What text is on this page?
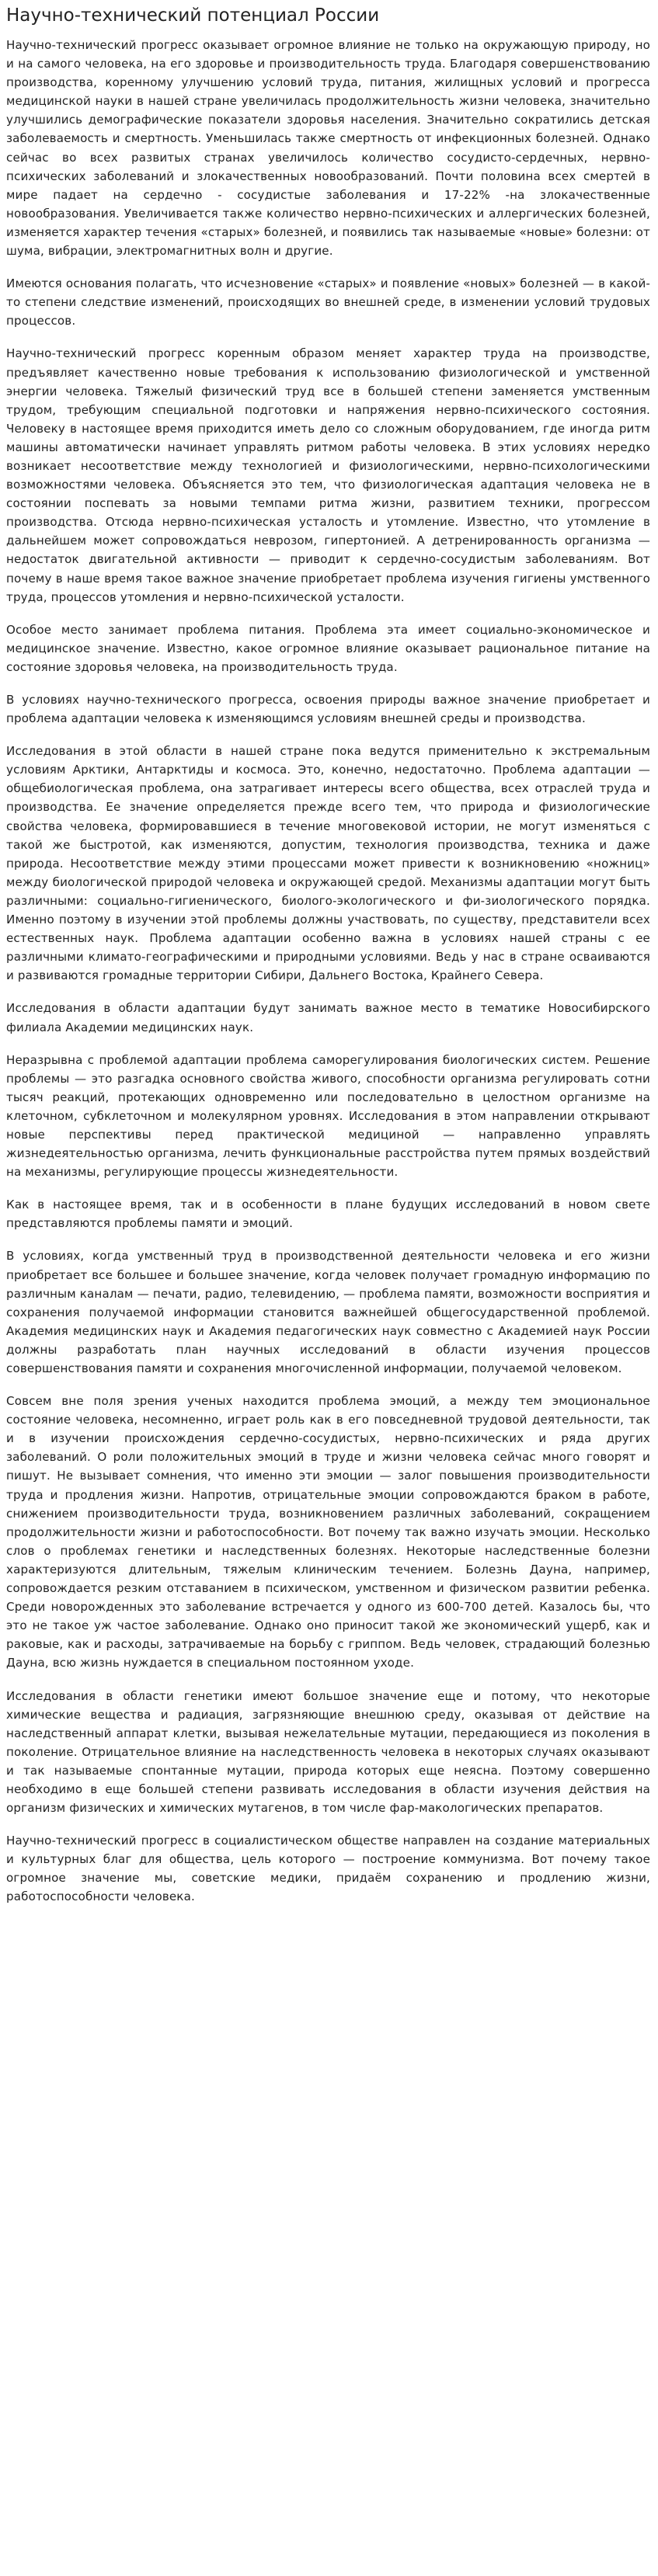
Научно-технический потенциал России

Научно-технический прогресс оказывает огромное влияние не только на окружающую природу, но и на самого человека, на его здоровье и производительность труда. Благодаря совершенствованию производства, коренному улучшению условий труда, питания, жилищных условий и прогресса медицинской науки в нашей стране увеличилась продолжительность жизни человека, значительно улучшились демографические показатели здоровья населения. Значительно сократились детская заболеваемость и смертность. Уменьшилась также смертность от инфекционных болезней. Однако сейчас во всех развитых странах увеличилось количество сосудисто-сердечных, нервно-психических заболеваний и злокачественных новообразований. Почти половина всех смертей в мире падает на сердечно - сосудистые заболевания и 17-22% -на злокачественные новообразования. Увеличивается также количество нервно-психических и аллергических болезней, изменяется характер течения «старых» болезней, и появились так называемые «новые» болезни: от шума, вибрации, электромагнитных волн и другие.

Имеются основания полагать, что исчезновение «старых» и появление «новых» болезней — в какой-то степени следствие изменений, происходящих во внешней среде, в изменении условий трудовых процессов.

Научно-технический прогресс коренным образом меняет характер труда на производстве, предъявляет качественно новые требования к использованию физиологической и умственной энергии человека. Тяжелый физический труд все в большей степени заменяется умственным трудом, требующим специальной подготовки и напряжения нервно-психического состояния. Человеку в настоящее время приходится иметь дело со сложным оборудованием, где иногда ритм машины автоматически начинает управлять ритмом работы человека. В этих условиях нередко возникает несоответствие между технологией и физиологическими, нервно-психологическими возможностями человека. Объясняется это тем, что физиологическая адаптация человека не в состоянии поспевать за новыми темпами ритма жизни, развитием техники, прогрессом производства. Отсюда нервно-психическая усталость и утомление. Известно, что утомление в дальнейшем может сопровождаться неврозом, гипертонией. А детренированность организма — недостаток двигательной активности — приводит к сердечно-сосудистым заболеваниям. Вот почему в наше время такое важное значение приобретает проблема изучения гигиены умственного труда, процессов утомления и нервно-психической усталости.

Особое место занимает проблема питания. Проблема эта имеет социально-экономическое и медицинское значение. Известно, какое огромное влияние оказывает рациональное питание на состояние здоровья человека, на производительность труда.

В условиях научно-технического прогресса, освоения природы важное значение приобретает и проблема адаптации человека к изменяющимся условиям внешней среды и производства.

Исследования в этой области в нашей стране пока ведутся применительно к экстремальным условиям Арктики, Антарктиды и космоса. Это, конечно, недостаточно. Проблема адаптации — общебиологическая проблема, она затрагивает интересы всего общества, всех отраслей труда и производства. Ее значение определяется прежде всего тем, что природа и физиологические свойства человека, формировавшиеся в течение многовековой истории, не могут изменяться с такой же быстротой, как изменяются, допустим, технология производства, техника и даже природа. Несоответствие между этими процессами может привести к возникновению «ножниц» между биологической природой человека и окружающей средой. Механизмы адаптации могут быть различными: социально-гигиенического, биолого-экологического и фи-зиологического порядка. Именно поэтому в изучении этой проблемы должны участвовать, по существу, представители всех естественных наук. Проблема адаптации особенно важна в условиях нашей страны с ее различными климато-географическими и природными условиями. Ведь у нас в стране осваиваются и развиваются громадные территории Сибири, Дальнего Востока, Крайнего Севера.

Исследования в области адаптации будут занимать важное место в тематике Новосибирского филиала Академии медицинских наук.

Неразрывна с проблемой адаптации проблема саморегулирования биологических систем. Решение проблемы — это разгадка основного свойства живого, способности организма регулировать сотни тысяч реакций, протекающих одновременно или последовательно в целостном организме на клеточном, субклеточном и молекулярном уровнях. Исследования в этом направлении открывают новые перспективы перед практической медициной — направленно управлять жизнедеятельностью организма, лечить функциональные расстройства путем прямых воздействий на механизмы, регулирующие процессы жизнедеятельности.

Как в настоящее время, так и в особенности в плане будущих исследований в новом свете представляются проблемы памяти и эмоций.

В условиях, когда умственный труд в производственной деятельности человека и его жизни приобретает все большее и большее значение, когда человек получает громадную информацию по различным каналам — печати, радио, телевидению, — проблема памяти, возможности восприятия и сохранения получаемой информации становится важнейшей общегосударственной проблемой. Академия медицинских наук и Академия педагогических наук совместно с Академией наук России должны разработать план научных исследований в области изучения процессов совершенствования памяти и сохранения многочисленной информации, получаемой человеком.

Совсем вне поля зрения ученых находится проблема эмоций, а между тем эмоциональное состояние человека, несомненно, играет роль как в его повседневной трудовой деятельности, так и в изучении происхождения сердечно-сосудистых, нервно-психических и ряда других заболеваний. О роли положительных эмоций в труде и жизни человека сейчас много говорят и пишут. Не вызывает сомнения, что именно эти эмоции — залог повышения производительности труда и продления жизни. Напротив, отрицательные эмоции сопровождаются браком в работе, снижением производительности труда, возникновением различных заболеваний, сокращением продолжительности жизни и работоспособности. Вот почему так важно изучать эмоции. Несколько слов о проблемах генетики и наследственных болезнях. Некоторые наследственные болезни характеризуются длительным, тяжелым клиническим течением. Болезнь Дауна, например, сопровождается резким отставанием в психическом, умственном и физическом развитии ребенка. Среди новорожденных это заболевание встречается у одного из 600-700 детей. Казалось бы, что это не такое уж частое заболевание. Однако оно приносит такой же экономический ущерб, как и раковые, как и расходы, затрачиваемые на борьбу с гриппом. Ведь человек, страдающий болезнью Дауна, всю жизнь нуждается в специальном постоянном уходе.

Исследования в области генетики имеют большое значение еще и потому, что некоторые химические вещества и радиация, загрязняющие внешнюю среду, оказывая от действие на наследственный аппарат клетки, вызывая нежелательные мутации, передающиеся из поколения в поколение. Отрицательное влияние на наследственность человека в некоторых случаях оказывают и так называемые спонтанные мутации, природа которых еще неясна. Поэтому совершенно необходимо в еще большей степени развивать исследования в области изучения действия на организм физических и химических мутагенов, в том числе фар-макологических препаратов.

Научно-технический прогресс в социалистическом обществе направлен на создание материальных и культурных благ для общества, цель которого — построение коммунизма. Вот почему такое огромное значение мы, советские медики, придаём сохранению и продлению жизни, работоспособности человека.
